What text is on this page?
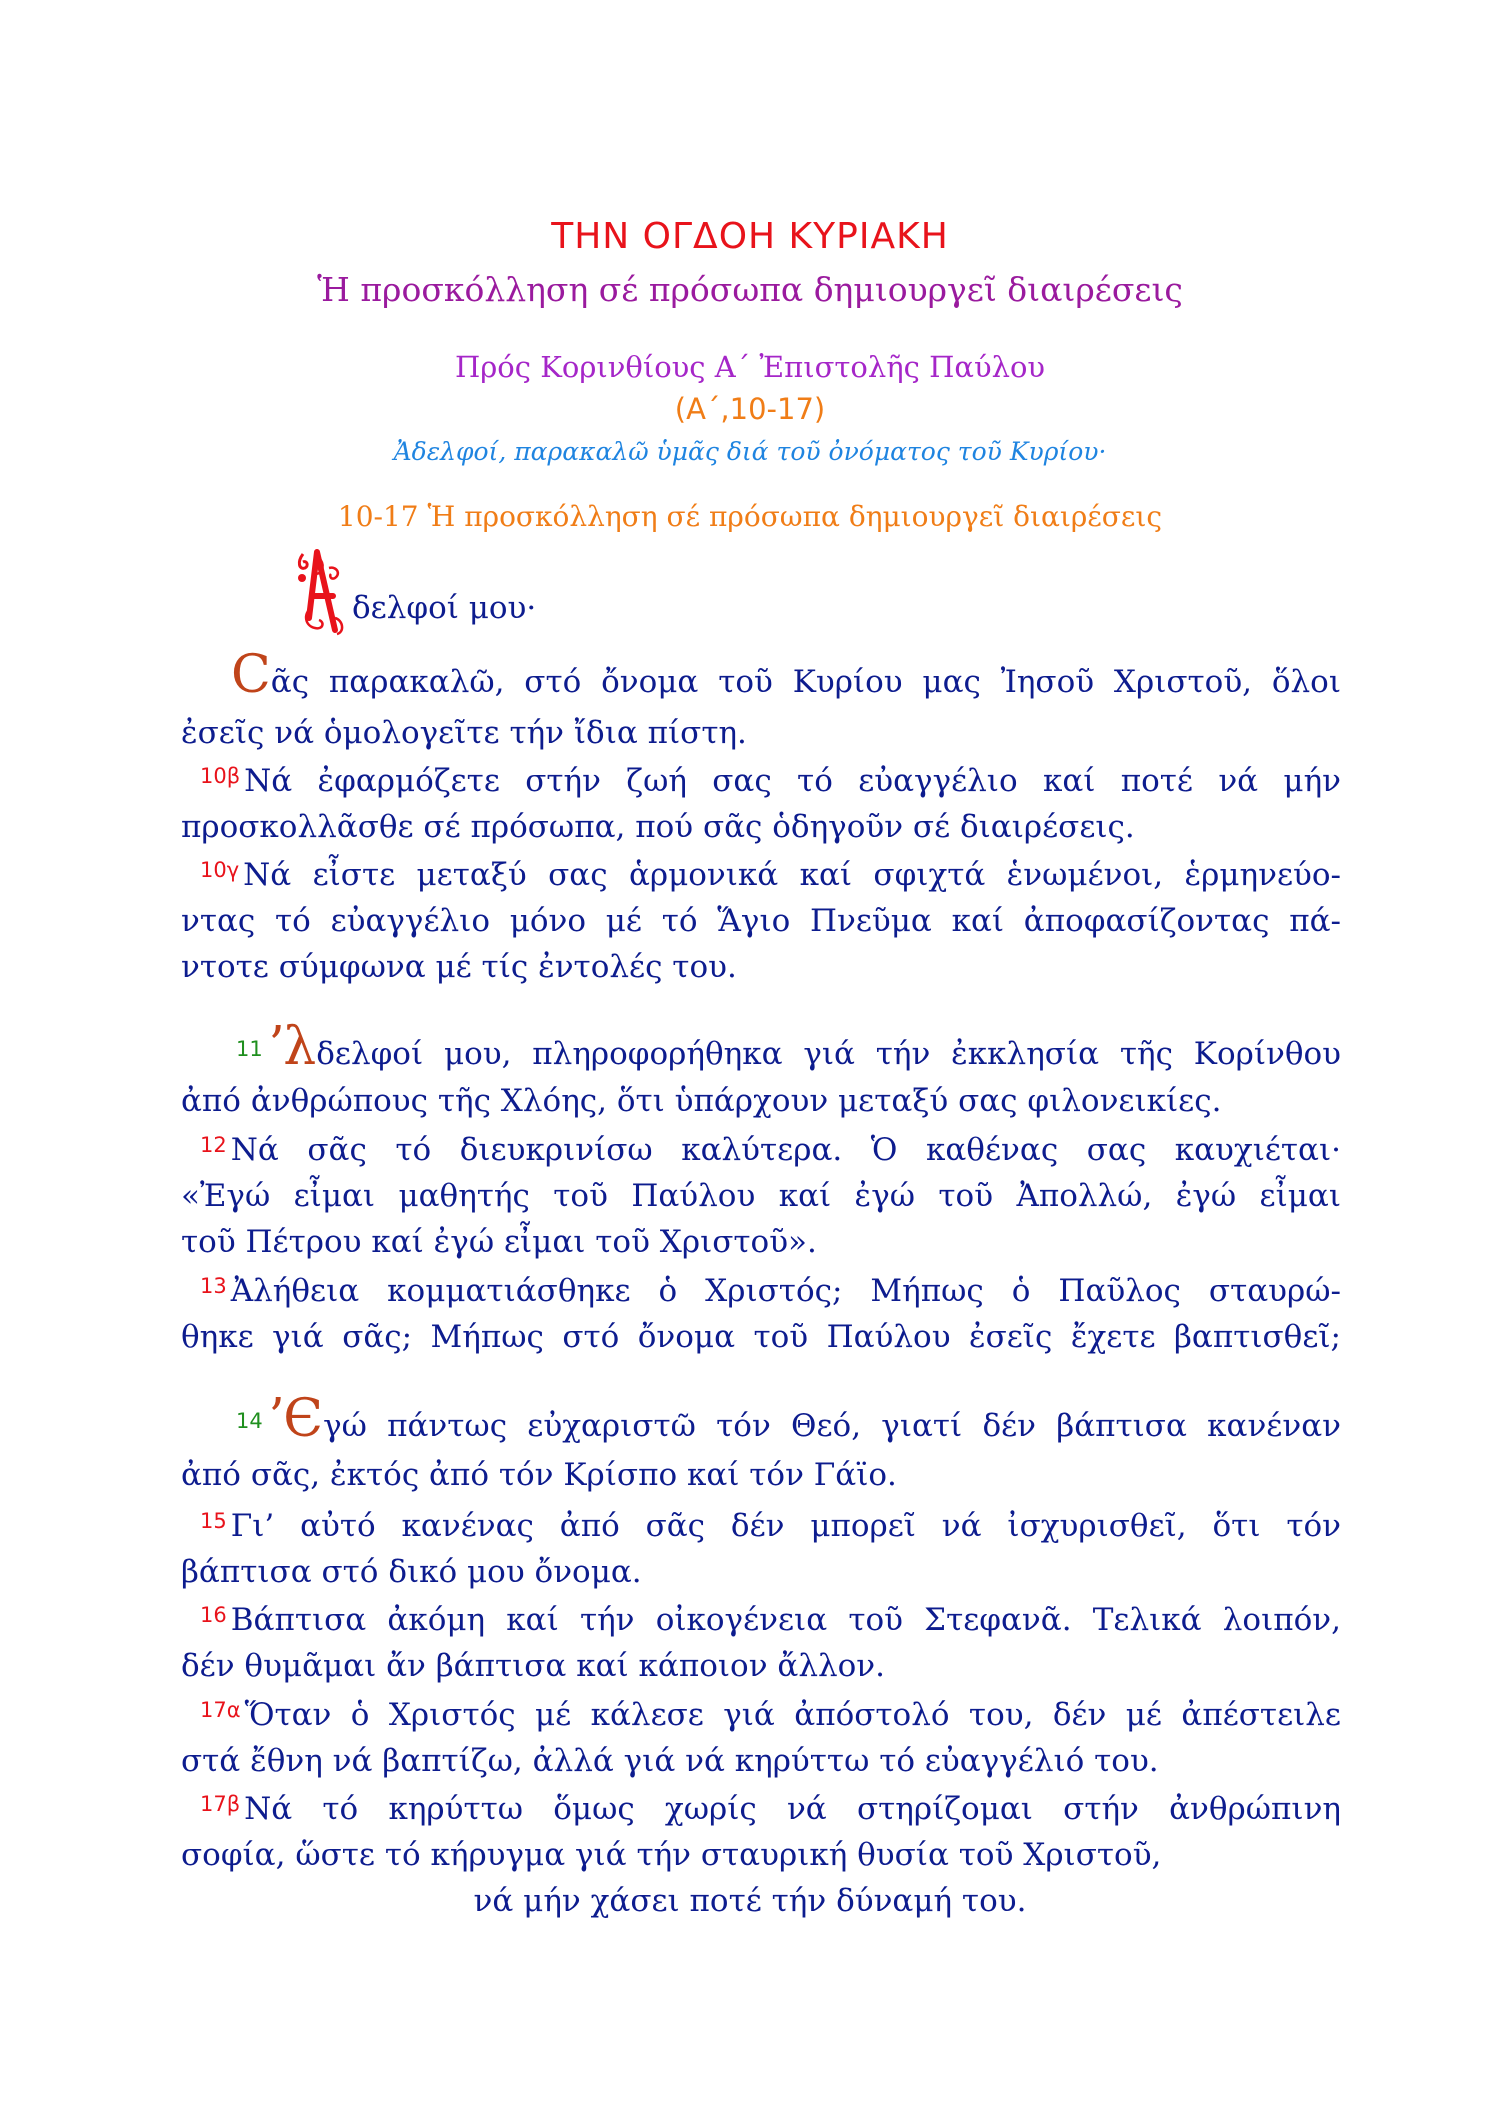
ΤΗΝ ΟΓΔΟΗ ΚΥΡΙΑΚΗ
Ἡ προσκόλληση σέ πρόσωπα δημιουργεῖ διαιρέσεις
Πρός Κορινθίους Α΄ Ἐπιστολῆς Παύλου
(Α΄,10-17)
Ἀδελφοί, παρακαλῶ ὑμᾶς διά τοῦ ὀνόματος τοῦ Κυρίου·
10-17 Ἡ προσκόλληση σέ πρόσωπα δημιουργεῖ διαιρέσεις
δελφοί μου·
Ϲᾶς παρακαλῶ, στό ὄνομα τοῦ Κυρίου μας Ἰησοῦ Χριστοῦ, ὅλοι
ἐσεῖς νά ὁμολογεῖτε τήν ἴδια πίστη.
$^{10\beta}$ Νά ἐφαρμόζετε στήν ζωή σας τό εὐαγγέλιο καί ποτέ νά μήν
προσκολλᾶσθε σέ πρόσωπα, πού σᾶς ὁδηγοῦν σέ διαιρέσεις.
$^{10\gamma}$ Νά εἶστε μεταξύ σας ἁρμονικά καί σφιχτά ἑνωμένοι, ἑρμηνεύο-
ντας τό εὐαγγέλιο μόνο μέ τό Ἅγιο Πνεῦμα καί ἀποφασίζοντας πά-
ντοτε σύμφωνα μέ τίς ἐντολές του.
$^{11}$ʼλδελφοί μου, πληροφορήθηκα γιά τήν ἐκκλησία τῆς Κορίνθου
ἀπό ἀνθρώπους τῆς Χλόης, ὅτι ὑπάρχουν μεταξύ σας φιλονεικίες.
$^{12}$ Νά σᾶς τό διευκρινίσω καλύτερα. Ὁ καθένας σας καυχιέται·
«Ἐγώ εἶμαι μαθητής τοῦ Παύλου καί ἐγώ τοῦ Ἀπολλώ, ἐγώ εἶμαι
τοῦ Πέτρου καί ἐγώ εἶμαι τοῦ Χριστοῦ».
$^{13}$ Ἀλήθεια κομματιάσθηκε ὁ Χριστός; Μήπως ὁ Παῦλος σταυρώ-
θηκε γιά σᾶς; Μήπως στό ὄνομα τοῦ Παύλου ἐσεῖς ἔχετε βαπτισθεῖ;
$^{14}$ʼЄγώ πάντως εὐχαριστῶ τόν Θεό, γιατί δέν βάπτισα κανέναν
ἀπό σᾶς, ἐκτός ἀπό τόν Κρίσπο καί τόν Γάϊο.
$^{15}$ Γι’ αὐτό κανένας ἀπό σᾶς δέν μπορεῖ νά ἰσχυρισθεῖ, ὅτι τόν
βάπτισα στό δικό μου ὄνομα.
$^{16}$ Βάπτισα ἀκόμη καί τήν οἰκογένεια τοῦ Στεφανᾶ. Τελικά λοιπόν,
δέν θυμᾶμαι ἄν βάπτισα καί κάποιον ἄλλον.
$^{17\alpha}$ Ὅταν ὁ Χριστός μέ κάλεσε γιά ἀπόστολό του, δέν μέ ἀπέστειλε
στά ἔθνη νά βαπτίζω, ἀλλά γιά νά κηρύττω τό εὐαγγέλιό του.
$^{17\beta}$ Νά τό κηρύττω ὅμως χωρίς νά στηρίζομαι στήν ἀνθρώπινη
σοφία, ὥστε τό κήρυγμα γιά τήν σταυρική θυσία τοῦ Χριστοῦ,
νά μήν χάσει ποτέ τήν δύναμή του.
